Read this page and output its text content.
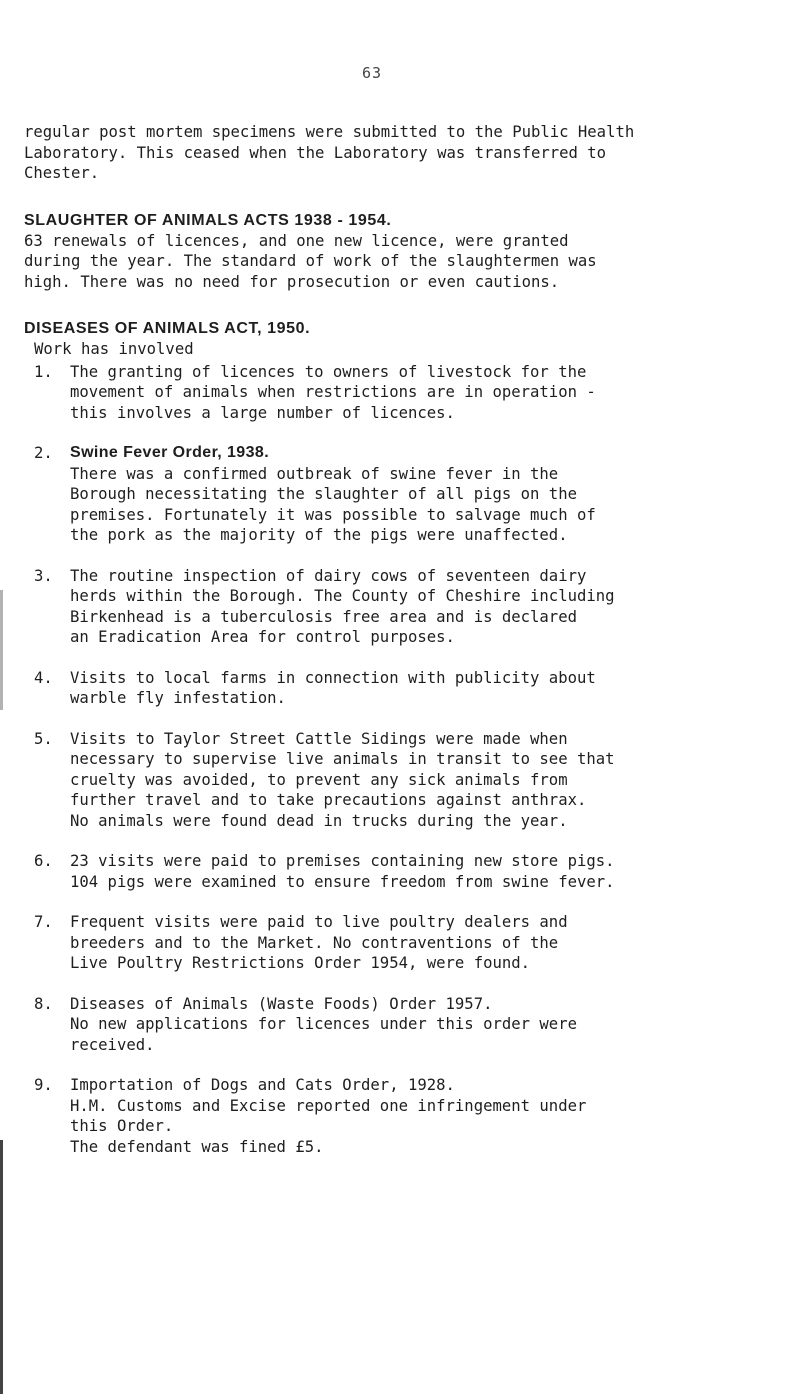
63
regular post mortem specimens were submitted to the Public Health
Laboratory. This ceased when the Laboratory was transferred to
Chester.
SLAUGHTER OF ANIMALS ACTS 1938 - 1954.
63 renewals of licences, and one new licence, were granted
during the year. The standard of work of the slaughtermen was
high. There was no need for prosecution or even cautions.
DISEASES OF ANIMALS ACT, 1950.
Work has involved
1. The granting of licences to owners of livestock for the
movement of animals when restrictions are in operation -
this involves a large number of licences.
2. Swine Fever Order, 1938.
There was a confirmed outbreak of swine fever in the
Borough necessitating the slaughter of all pigs on the
premises. Fortunately it was possible to salvage much of
the pork as the majority of the pigs were unaffected.
3. The routine inspection of dairy cows of seventeen dairy
herds within the Borough. The County of Cheshire including
Birkenhead is a tuberculosis free area and is declared
an Eradication Area for control purposes.
4. Visits to local farms in connection with publicity about
warble fly infestation.
5. Visits to Taylor Street Cattle Sidings were made when
necessary to supervise live animals in transit to see that
cruelty was avoided, to prevent any sick animals from
further travel and to take precautions against anthrax.
No animals were found dead in trucks during the year.
6. 23 visits were paid to premises containing new store pigs.
104 pigs were examined to ensure freedom from swine fever.
7. Frequent visits were paid to live poultry dealers and
breeders and to the Market. No contraventions of the
Live Poultry Restrictions Order 1954, were found.
8. Diseases of Animals (Waste Foods) Order 1957.
No new applications for licences under this order were
received.
9. Importation of Dogs and Cats Order, 1928.
H.M. Customs and Excise reported one infringement under
this Order.
The defendant was fined £5.
